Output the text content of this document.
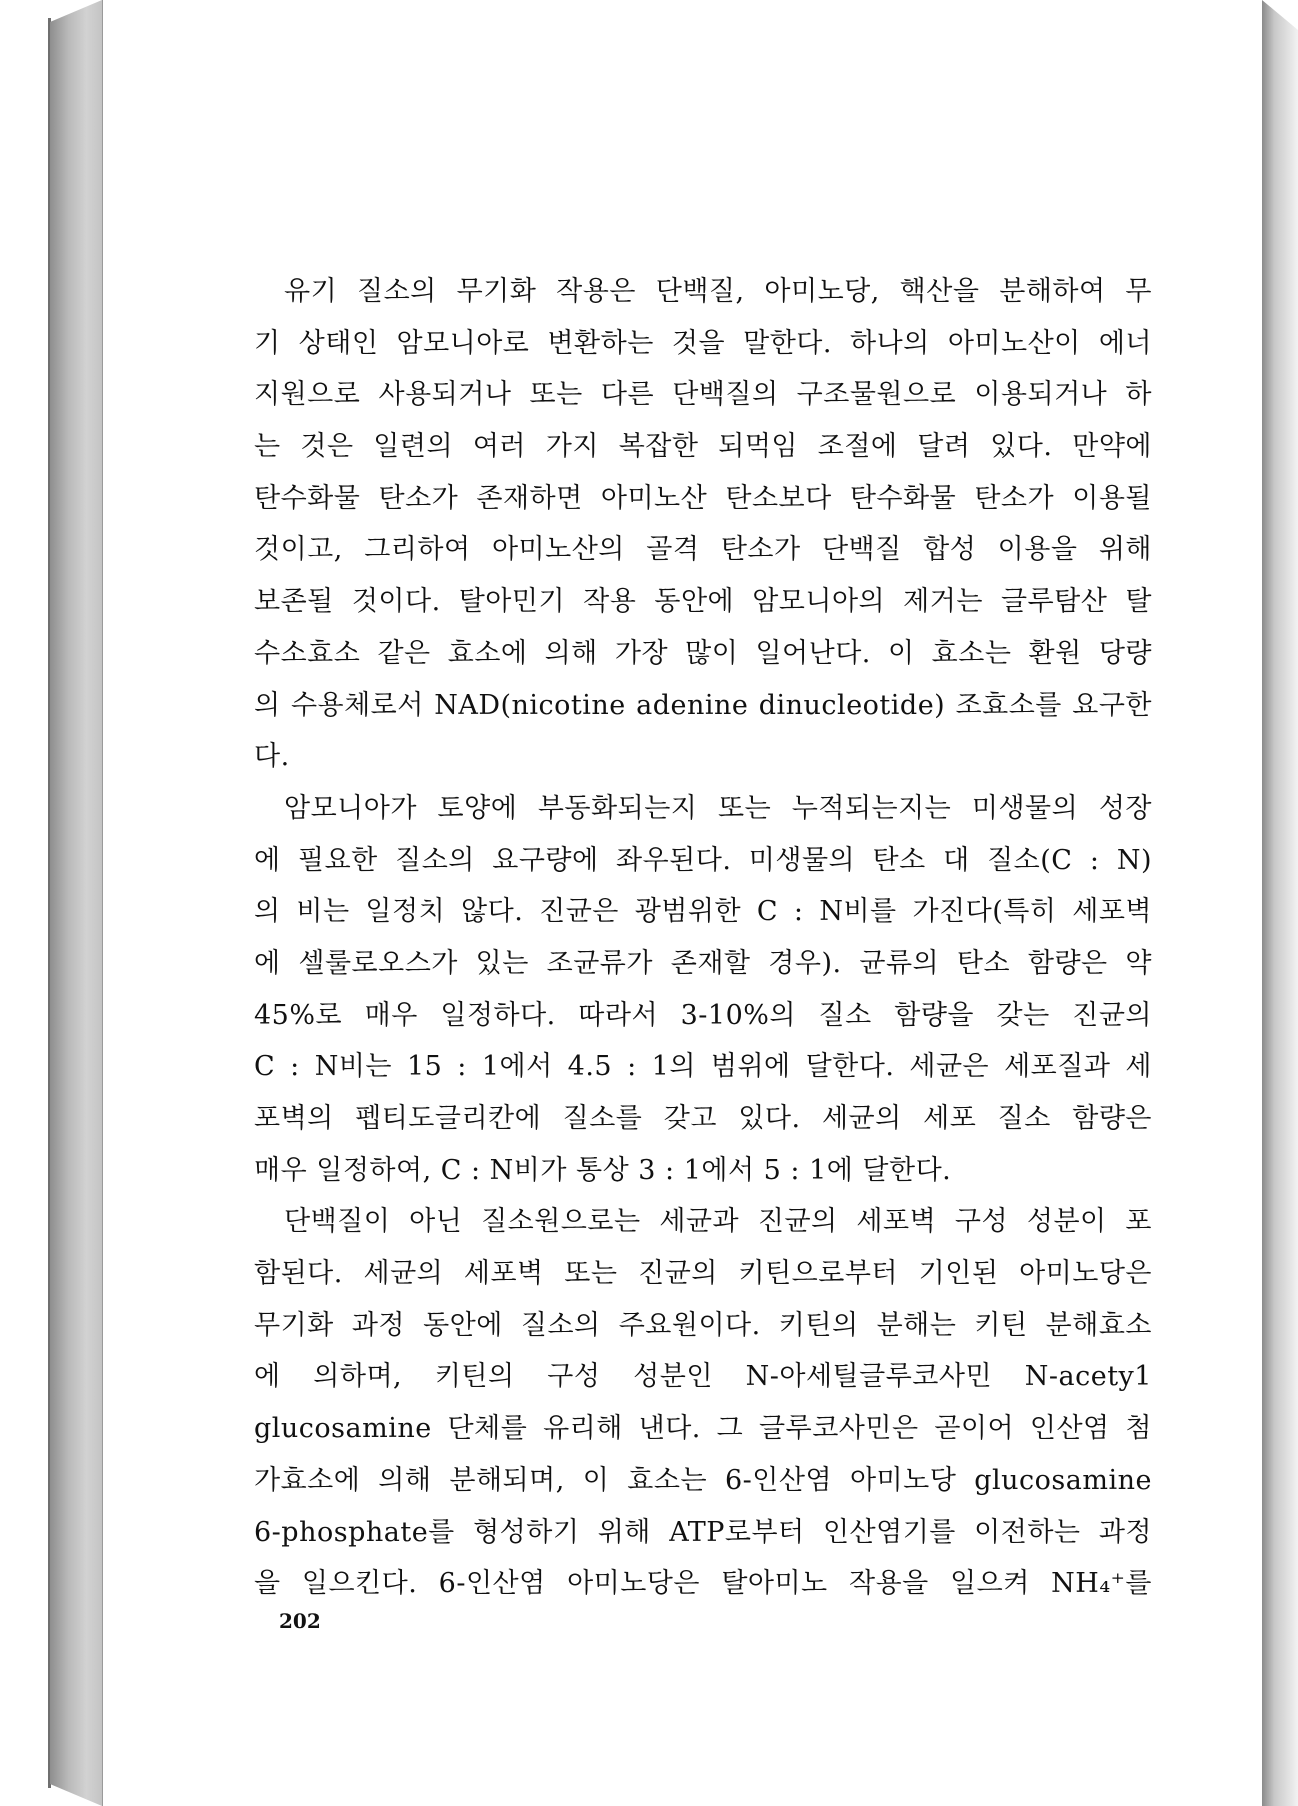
유기 질소의 무기화 작용은 단백질, 아미노당, 핵산을 분해하여 무
기 상태인 암모니아로 변환하는 것을 말한다. 하나의 아미노산이 에너
지원으로 사용되거나 또는 다른 단백질의 구조물원으로 이용되거나 하
는 것은 일련의 여러 가지 복잡한 되먹임 조절에 달려 있다. 만약에
탄수화물 탄소가 존재하면 아미노산 탄소보다 탄수화물 탄소가 이용될
것이고, 그리하여 아미노산의 골격 탄소가 단백질 합성 이용을 위해
보존될 것이다. 탈아민기 작용 동안에 암모니아의 제거는 글루탐산 탈
수소효소 같은 효소에 의해 가장 많이 일어난다. 이 효소는 환원 당량
의 수용체로서 NAD(nicotine adenine dinucleotide) 조효소를 요구한
다.
암모니아가 토양에 부동화되는지 또는 누적되는지는 미생물의 성장
에 필요한 질소의 요구량에 좌우된다. 미생물의 탄소 대 질소(C : N)
의 비는 일정치 않다. 진균은 광범위한 C : N비를 가진다(특히 세포벽
에 셀룰로오스가 있는 조균류가 존재할 경우). 균류의 탄소 함량은 약
45%로 매우 일정하다. 따라서 3-10%의 질소 함량을 갖는 진균의
C : N비는 15 : 1에서 4.5 : 1의 범위에 달한다. 세균은 세포질과 세
포벽의 펩티도글리칸에 질소를 갖고 있다. 세균의 세포 질소 함량은
매우 일정하여, C : N비가 통상 3 : 1에서 5 : 1에 달한다.
단백질이 아닌 질소원으로는 세균과 진균의 세포벽 구성 성분이 포
함된다. 세균의 세포벽 또는 진균의 키틴으로부터 기인된 아미노당은
무기화 과정 동안에 질소의 주요원이다. 키틴의 분해는 키틴 분해효소
에 의하며, 키틴의 구성 성분인 N-아세틸글루코사민 N-acety1
glucosamine 단체를 유리해 낸다. 그 글루코사민은 곧이어 인산염 첨
가효소에 의해 분해되며, 이 효소는 6-인산염 아미노당 glucosamine
6-phosphate를 형성하기 위해 ATP로부터 인산염기를 이전하는 과정
을 일으킨다. 6-인산염 아미노당은 탈아미노 작용을 일으켜 NH₄⁺를
202
